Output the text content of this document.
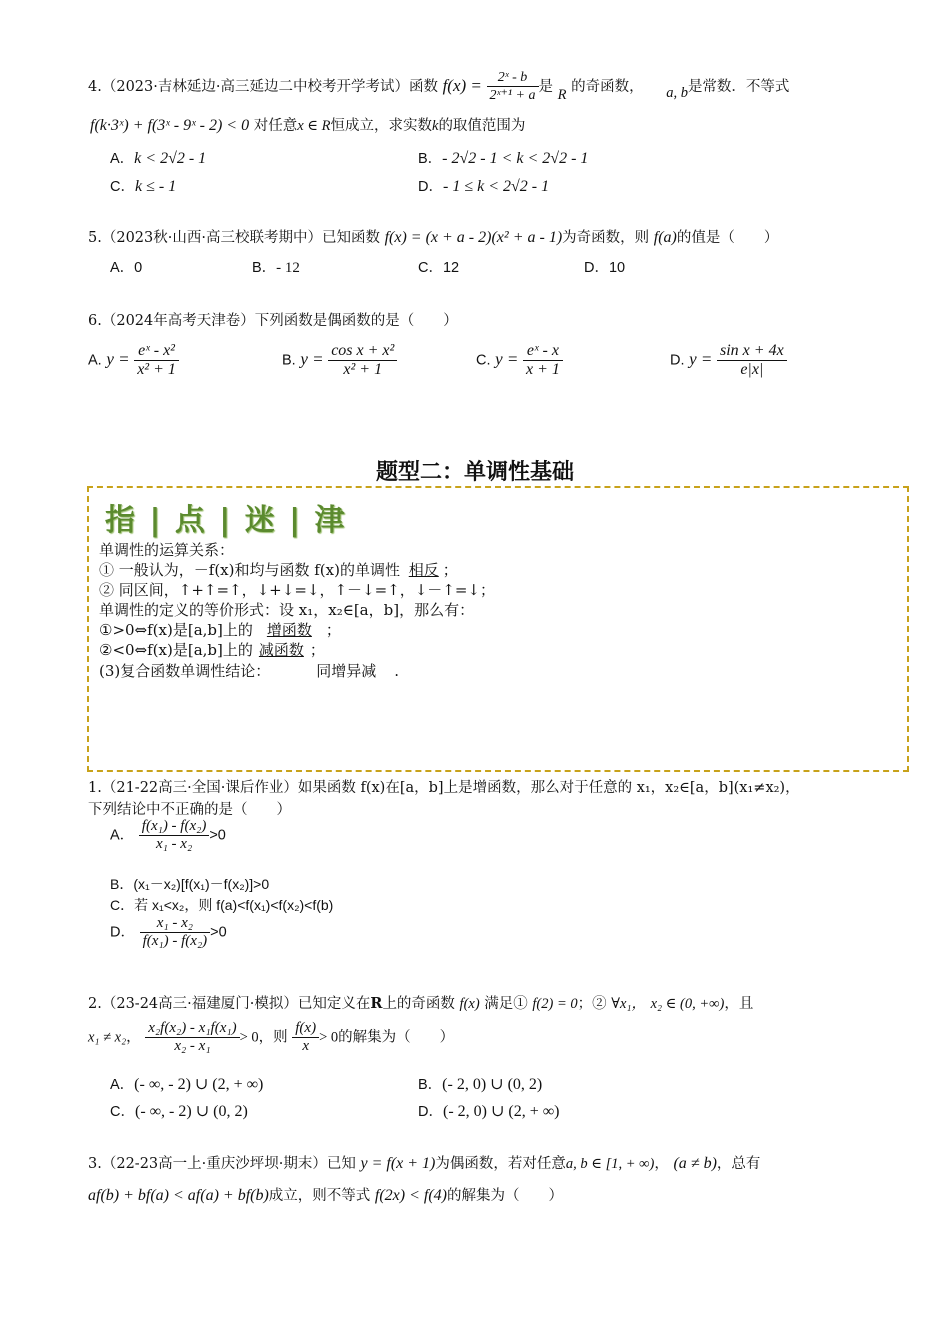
4.（2023·吉林延边·高三延边二中校考开学考试）函数 $f(x) = \frac{\text{2ˣ - b}}{\text{2ˣ⁺¹ + a}}$ 是 R 的奇函数， a, b是常数．不等式
f(k·3ˣ) + f(3ˣ - 9ˣ - 2) < 0 对任意x ∈ R恒成立，求实数k的取值范围为
A．k < 2√2 - 1	B．- 2√2 - 1 < k < 2√2 - 1
C．k ≤ - 1	D．- 1 ≤ k < 2√2 - 1
5.（2023秋·山西·高三校联考期中）已知函数 f(x) = (x + a - 2)(x² + a - 1)为奇函数，则 f(a)的值是（　　）
A．0	B．- 12	C．12	D．10
6.（2024年高考天津卷）下列函数是偶函数的是（　　）
A. $y = \frac{\text{eˣ - x²}}{\text{x² + 1}}$	B. $y = \frac{\text{cos x + x²}}{\text{x² + 1}}$	C. $y = \frac{\text{eˣ - x}}{x + 1}$	D. $y = \frac{\text{sin x + 4x}}{e|x|}$
题型二：单调性基础
指 | 点 | 迷 | 津
单调性的运算关系：
① 一般认为，－f(x)和均与函数 f(x)的单调性 相反 ；
② 同区间，↑+↑=↑，↓+↓=↓，↑－↓=↑，↓－↑=↓；
单调性的定义的等价形式：设 x₁，x₂∈[a，b]，那么有：
①>0⇔f(x)是[a,b]上的 增函数 ；
②<0⇔f(x)是[a,b]上的 减函数 ；
(3)复合函数单调性结论：	同增异减 .
1.（21-22高三·全国·课后作业）如果函数 f(x)在[a，b]上是增函数，那么对于任意的 x₁，x₂∈[a，b](x₁≠x₂)，
下列结论中不正确的是（　　）
A． $\frac{\text{f(x₁) - f(x₂)}}{\text{x₁ - x₂}} >0$
B．(x₁－x₂)[f(x₁)－f(x₂)]>0
C．若 x₁<x₂，则 f(a)<f(x₁)<f(x₂)<f(b)
D． $\frac{\text{x₁ - x₂}}{\text{f(x₁) - f(x₂)}} >0$
2.（23-24高三·福建厦门·模拟）已知定义在R上的奇函数 f(x) 满足① f(2) = 0；② ∀x₁， x₂ ∈ (0, +∞)，且
x₁ ≠ x₂， $\frac{\text{x₂f(x₂) - x₁f(x₁)}}{\text{x₂ - x₁}} > 0$，则 $\frac{f(x)}{x} > 0$的解集为（　　）
A．(- ∞, - 2) ∪ (2, + ∞)	B．(- 2, 0) ∪ (0, 2)
C．(- ∞, - 2) ∪ (0, 2)	D．(- 2, 0) ∪ (2, + ∞)
3.（22-23高一上·重庆沙坪坝·期末）已知 y = f(x + 1)为偶函数，若对任意a, b ∈ [1, + ∞)， (a ≠ b)，总有
af(b) + bf(a) < af(a) + bf(b)成立，则不等式 f(2x) < f(4)的解集为（　　）
